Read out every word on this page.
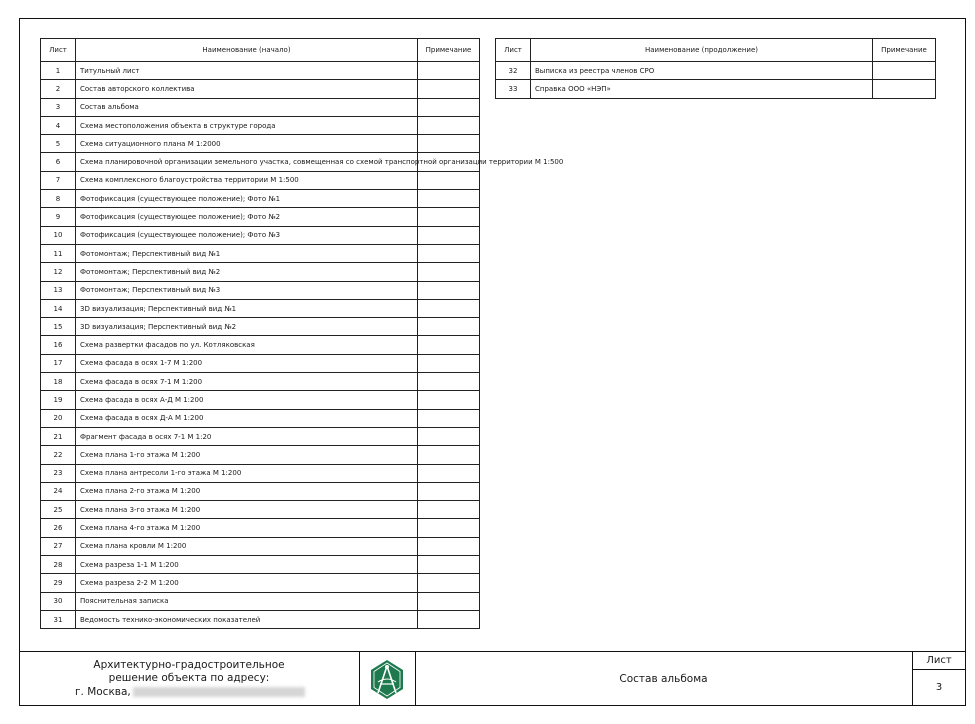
Лист	Наименование (начало)	Примечание
1	Титульный лист	
2	Состав авторского коллектива	
3	Состав альбома	
4	Схема местоположения объекта в структуре города	
5	Схема ситуационного плана М 1:2000	
6	Схема планировочной организации земельного участка, совмещенная со схемой транспортной организации территории М 1:500	
7	Схема комплексного благоустройства территории М 1:500	
8	Фотофиксация (существующее положение); Фото №1	
9	Фотофиксация (существующее положение); Фото №2	
10	Фотофиксация (существующее положение); Фото №3	
11	Фотомонтаж; Перспективный вид №1	
12	Фотомонтаж; Перспективный вид №2	
13	Фотомонтаж; Перспективный вид №3	
14	3D визуализация; Перспективный вид №1	
15	3D визуализация; Перспективный вид №2	
16	Схема развертки фасадов по ул. Котляковская	
17	Схема фасада в осях 1-7 М 1:200	
18	Схема фасада в осях 7-1 М 1:200	
19	Схема фасада в осях А-Д М 1:200	
20	Схема фасада в осях Д-А М 1:200	
21	Фрагмент фасада в осях 7-1 М 1:20	
22	Схема плана 1-го этажа М 1:200	
23	Схема плана антресоли 1-го этажа М 1:200	
24	Схема плана 2-го этажа М 1:200	
25	Схема плана 3-го этажа М 1:200	
26	Схема плана 4-го этажа М 1:200	
27	Схема плана кровли М 1:200	
28	Схема разреза 1-1 М 1:200	
29	Схема разреза 2-2 М 1:200	
30	Пояснительная записка	
31	Ведомость технико-экономических показателей	
Лист	Наименование (продолжение)	Примечание
32	Выписка из реестра членов СРО	
33	Справка ООО «НЭП»	
Архитектурно-градостроительное
решение объекта по адресу:
г. Москва,
Состав альбома
Лист
3
